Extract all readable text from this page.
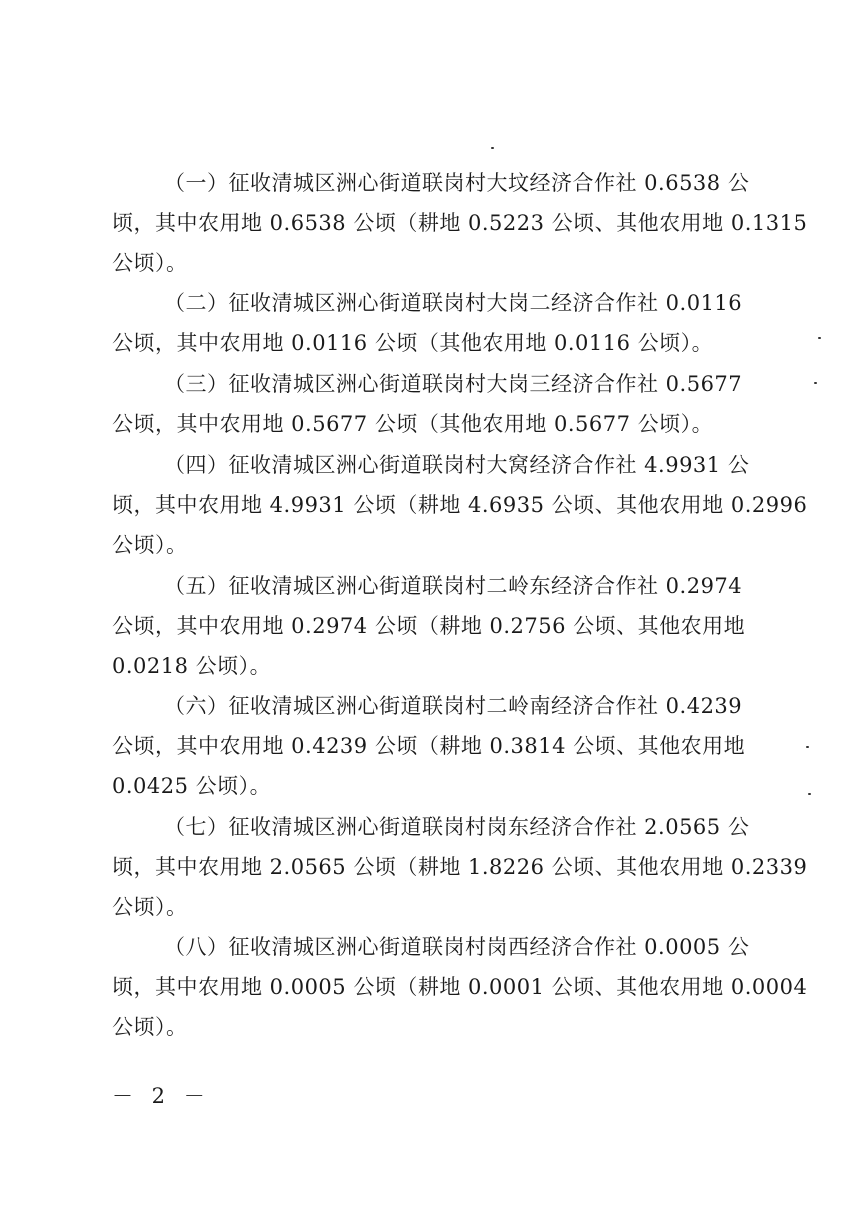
（一）征收清城区洲心街道联岗村大坟经济合作社 0.6538 公
顷，其中农用地 0.6538 公顷（耕地 0.5223 公顷、其他农用地 0.1315
公顷）。
（二）征收清城区洲心街道联岗村大岗二经济合作社 0.0116
公顷，其中农用地 0.0116 公顷（其他农用地 0.0116 公顷）。
（三）征收清城区洲心街道联岗村大岗三经济合作社 0.5677
公顷，其中农用地 0.5677 公顷（其他农用地 0.5677 公顷）。
（四）征收清城区洲心街道联岗村大窝经济合作社 4.9931 公
顷，其中农用地 4.9931 公顷（耕地 4.6935 公顷、其他农用地 0.2996
公顷）。
（五）征收清城区洲心街道联岗村二岭东经济合作社 0.2974
公顷，其中农用地 0.2974 公顷（耕地 0.2756 公顷、其他农用地
0.0218 公顷）。
（六）征收清城区洲心街道联岗村二岭南经济合作社 0.4239
公顷，其中农用地 0.4239 公顷（耕地 0.3814 公顷、其他农用地
0.0425 公顷）。
（七）征收清城区洲心街道联岗村岗东经济合作社 2.0565 公
顷，其中农用地 2.0565 公顷（耕地 1.8226 公顷、其他农用地 0.2339
公顷）。
（八）征收清城区洲心街道联岗村岗西经济合作社 0.0005 公
顷，其中农用地 0.0005 公顷（耕地 0.0001 公顷、其他农用地 0.0004
公顷）。
－ 2 －
